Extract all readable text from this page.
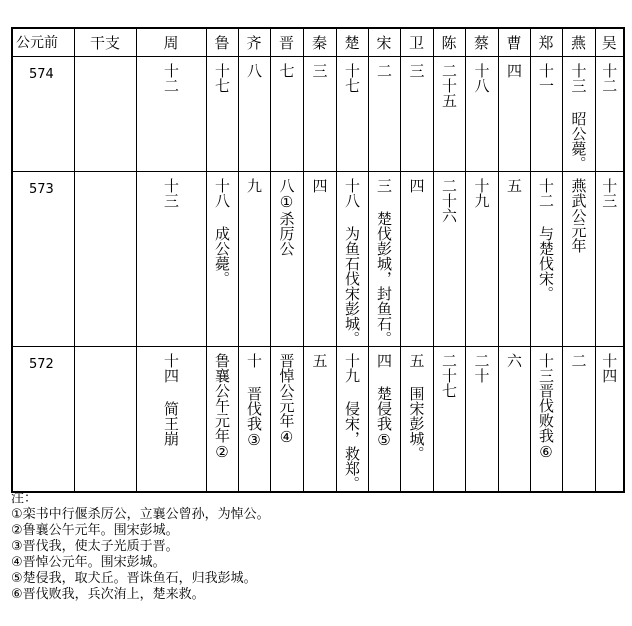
公元前	干支	周	鲁	齐	晋	秦	楚	宋	卫	陈	蔡	曹	郑	燕	吴
574		十二	十七	八	七	三	十七	二	三	二十五	十八	四	十一	十三 昭公薨。	十二

573		十三	十八 成公薨。	九	八①杀厉公	四	十八 为鱼石伐宋彭城。	三 楚伐彭城，封鱼石。	四	二十六	十九	五	十二 与楚伐宋。	燕武公元年	十三

572		十四 简王崩	鲁襄公午元年②	十 晋伐我③	晋悼公元年④	五	十九 侵宋，救郑。	四 楚侵我⑤	五 围宋彭城。	二十七	二十	六	十三晋伐败我⑥	二	十四
注：
①栾书中行偃杀厉公，立襄公曾孙，为悼公。
②鲁襄公午元年。围宋彭城。
③晋伐我，使太子光质于晋。
④晋悼公元年。围宋彭城。
⑤楚侵我，取犬丘。晋诛鱼石，归我彭城。
⑥晋伐败我，兵次洧上，楚来救。
